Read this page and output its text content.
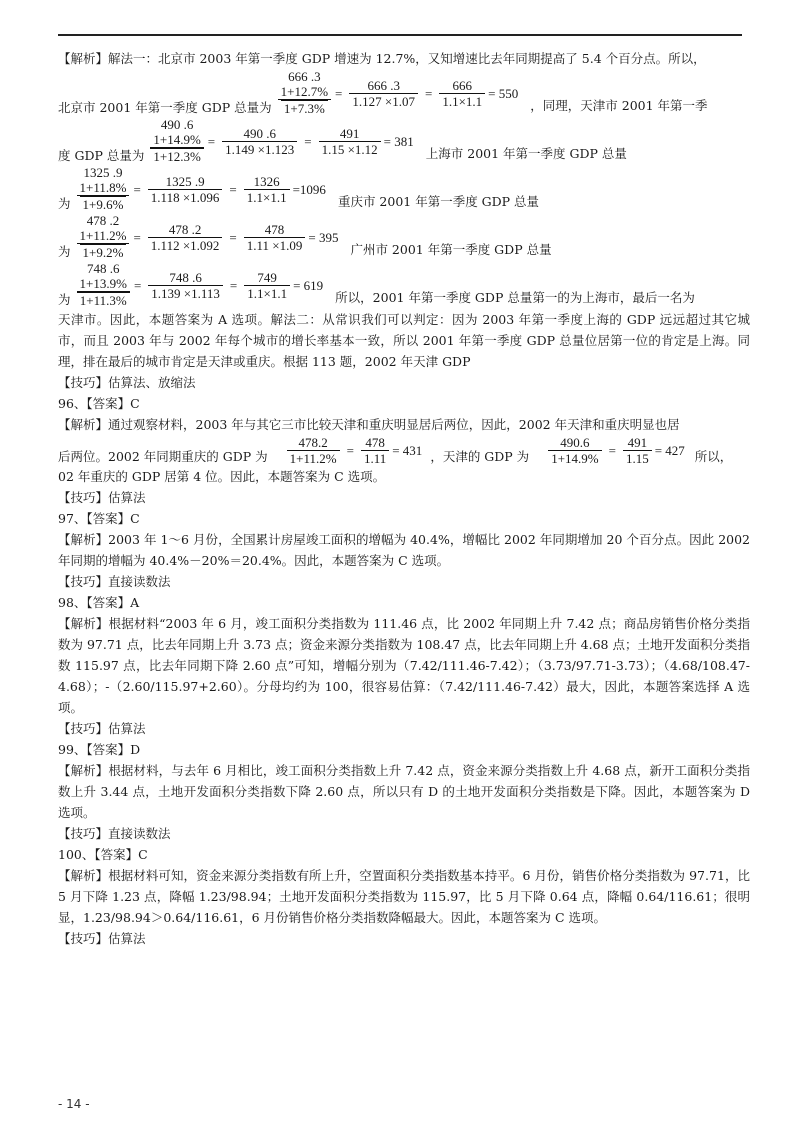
【解析】解法一：北京市 2003 年第一季度 GDP 增速为 12.7%，又知增速比去年同期提高了 5.4 个百分点。所以，

北京市 2001 年第一季度 GDP 总量为
666 .3
1+12.7%
1+7.3%
= $\frac{666 .3}{1.127 \times 1.07} = \frac{666}{1.1\times 1.1} = 550$
，同理，天津市 2001 年第一季
度 GDP 总量为
490 .6
1+14.9%
1+12.3%
= $\frac{490 .6}{1.149 \times 1.123} = \frac{491}{1.15 \times 1.12} = 381$
上海市 2001 年第一季度 GDP 总量
为
1325 .9
1+11.8%
1+9.6%
= $\frac{1325 .9}{1.118 \times 1.096} = \frac{1326}{1.1\times 1.1} =1096$
重庆市 2001 年第一季度 GDP 总量
为
478 .2
1+11.2%
1+9.2%
= $\frac{478 .2}{1.112 \times 1.092} = \frac{478}{1.11 \times 1.09} = 395$
广州市 2001 年第一季度 GDP 总量
为
748 .6
1+13.9%
1+11.3%
= $\frac{748 .6}{1.139 \times 1.113} = \frac{749}{1.1\times 1.1} = 619$
所以，2001 年第一季度 GDP 总量第一的为上海市，最后一名为

天津市。因此，本题答案为 A 选项。解法二：从常识我们可以判定：因为 2003 年第一季度上海的 GDP 远远超过其它城市，而且 2003 年与 2002 年每个城市的增长率基本一致，所以 2001 年第一季度 GDP 总量位居第一位的肯定是上海。同理，排在最后的城市肯定是天津或重庆。根据 113 题，2002 年天津 GDP

【技巧】估算法、放缩法

96、【答案】C

【解析】通过观察材料，2003 年与其它三市比较天津和重庆明显居后两位，因此，2002 年天津和重庆明显也居

后两位。2002 年同期重庆的 GDP 为 $\frac{478.2}{1+11.2\%} = \frac{478}{1.11} = 431$ ，天津的 GDP 为 $\frac{490.6}{1+14.9\%} = \frac{491}{1.15} = 427$ 所以，

02 年重庆的 GDP 居第 4 位。因此，本题答案为 C 选项。

【技巧】估算法

97、【答案】C

【解析】2003 年 1～6 月份，全国累计房屋竣工面积的增幅为 40.4%，增幅比 2002 年同期增加 20 个百分点。因此 2002 年同期的增幅为 40.4%－20%＝20.4%。因此，本题答案为 C 选项。

【技巧】直接读数法

98、【答案】A

【解析】根据材料“2003 年 6 月，竣工面积分类指数为 111.46 点，比 2002 年同期上升 7.42 点；商品房销售价格分类指数为 97.71 点，比去年同期上升 3.73 点；资金来源分类指数为 108.47 点，比去年同期上升 4.68 点；土地开发面积分类指数 115.97 点，比去年同期下降 2.60 点”可知，增幅分别为（7.42/111.46-7.42）；（3.73/97.71-3.73）；（4.68/108.47-4.68）；-（2.60/115.97+2.60）。分母均约为 100，很容易估算：（7.42/111.46-7.42）最大，因此，本题答案选择 A 选项。

【技巧】估算法

99、【答案】D

【解析】根据材料，与去年 6 月相比，竣工面积分类指数上升 7.42 点，资金来源分类指数上升 4.68 点，新开工面积分类指数上升 3.44 点，土地开发面积分类指数下降 2.60 点，所以只有 D 的土地开发面积分类指数是下降。因此，本题答案为 D 选项。

【技巧】直接读数法

100、【答案】C

【解析】根据材料可知，资金来源分类指数有所上升，空置面积分类指数基本持平。6 月份，销售价格分类指数为 97.71，比 5 月下降 1.23 点，降幅 1.23/98.94；土地开发面积分类指数为 115.97，比 5 月下降 0.64 点，降幅 0.64/116.61；很明显，1.23/98.94＞0.64/116.61，6 月份销售价格分类指数降幅最大。因此，本题答案为 C 选项。

【技巧】估算法

- 14 -
